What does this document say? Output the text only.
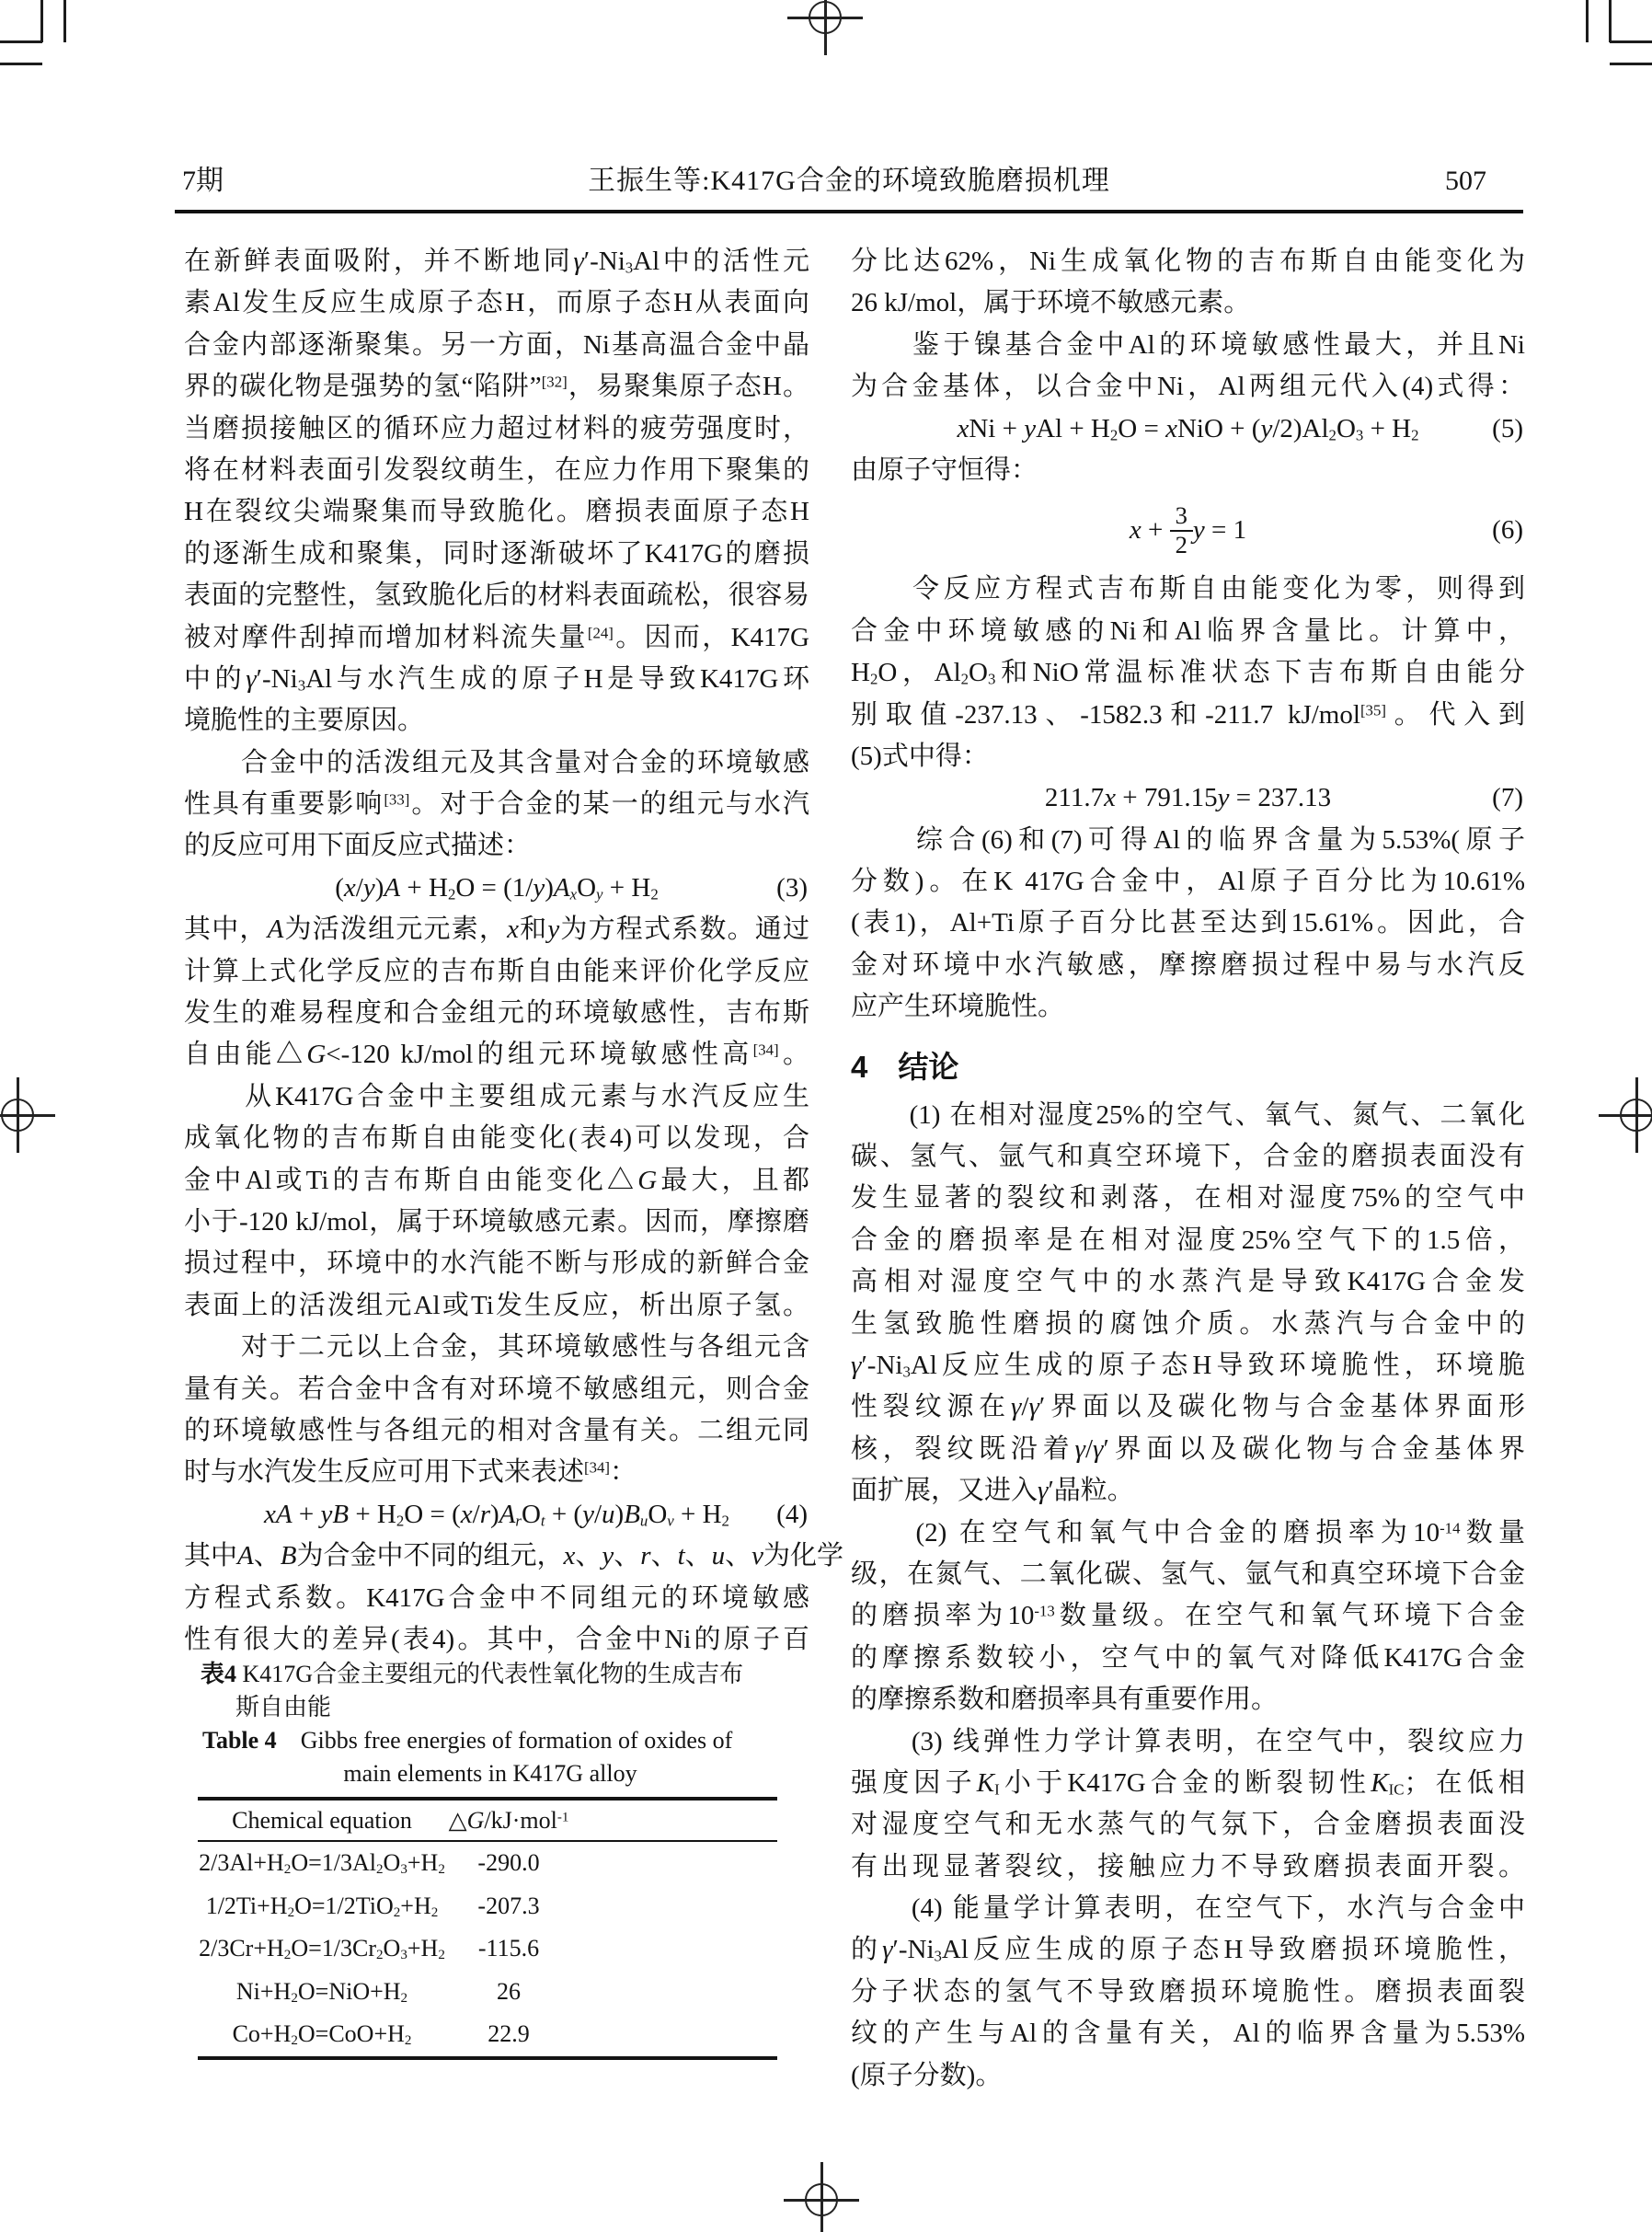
7期	王振生等:K417G合金的环境致脆磨损机理	507
在新鲜表面吸附，并不断地同$\gamma'-Ni_3Al$中的活性元
素Al发生反应生成原子态H，而原子态H从表面向
合金内部逐渐聚集。另一方面，Ni基高温合金中晶
界的碳化物是强势的氢“陷阱”[32]，易聚集原子态H。
当磨损接触区的循环应力超过材料的疲劳强度时，
将在材料表面引发裂纹萌生，在应力作用下聚集的
H在裂纹尖端聚集而导致脆化。磨损表面原子态H
的逐渐生成和聚集，同时逐渐破坏了K417G的磨损
表面的完整性，氢致脆化后的材料表面疏松，很容易
被对摩件刮掉而增加材料流失量[24]。因而，K417G
中的$\gamma'-Ni_3Al$与水汽生成的原子H是导致K417G环
境脆性的主要原因。
　　合金中的活泼组元及其含量对合金的环境敏感
性具有重要影响[33]。对于合金的某一的组元与水汽
的反应可用下面反应式描述：
$(x/y)A + H_2O = (1/y)A_xO_y + H_2$	(3)
其中，A为活泼组元元素，x和y为方程式系数。通过
计算上式化学反应的吉布斯自由能来评价化学反应
发生的难易程度和合金组元的环境敏感性，吉布斯
自由能△G<-120 kJ/mol的组元环境敏感性高[34]。
　　从K417G合金中主要组成元素与水汽反应生
成氧化物的吉布斯自由能变化(表4)可以发现，合
金中Al或Ti的吉布斯自由能变化△G最大，且都
小于-120 kJ/mol，属于环境敏感元素。因而，摩擦磨
损过程中，环境中的水汽能不断与形成的新鲜合金
表面上的活泼组元Al或Ti发生反应，析出原子氢。
　　对于二元以上合金，其环境敏感性与各组元含
量有关。若合金中含有对环境不敏感组元，则合金
的环境敏感性与各组元的相对含量有关。二组元同
时与水汽发生反应可用下式来表述[34]：
xA + yB + $H_2O = (x/r)A_rO_t + (y/u)B_uO_v + H_2$ (4)
其中A、B为合金中不同的组元，x、y、r、t、u、v为化学
方程式系数。K417G合金中不同组元的环境敏感
性有很大的差异(表4)。其中，合金中Ni的原子百
分比达62%，Ni生成氧化物的吉布斯自由能变化为
26 kJ/mol，属于环境不敏感元素。
　　鉴于镍基合金中Al的环境敏感性最大，并且Ni
为合金基体，以合金中Ni，Al两组元代入(4)式得：
xNi + yAl + $H_2O$ = xNiO + $(y/2)Al_2O_3 + H_2$	(5)
由原子守恒得：
$x + \frac{3}{2}$ y = 1	(6)
　　令反应方程式吉布斯自由能变化为零，则得到
合金中环境敏感的Ni和Al临界含量比。计算中，
$H_2O$，$Al_2O_3$和NiO常温标准状态下吉布斯自由能分
别取值-237.13、-1582.3和-211.7 kJ/mol[35]。代入到
(5)式中得：
211.7x + 791.15y = 237.13	(7)
　　综合(6)和(7)可得Al的临界含量为5.53%(原子
分数)。在K 417G合金中，Al原子百分比为10.61%
(表1)，Al+Ti原子百分比甚至达到15.61%。因此，合
金对环境中水汽敏感，摩擦磨损过程中易与水汽反
应产生环境脆性。
4　结论
　　(1) 在相对湿度25%的空气、氧气、氮气、二氧化
碳、氢气、氩气和真空环境下，合金的磨损表面没有
发生显著的裂纹和剥落，在相对湿度75%的空气中
合金的磨损率是在相对湿度25%空气下的1.5倍，
高相对湿度空气中的水蒸汽是导致K417G合金发
生氢致脆性磨损的腐蚀介质。水蒸汽与合金中的
$\gamma'-Ni_3Al$反应生成的原子态H导致环境脆性，环境脆
性裂纹源在γ/γ′界面以及碳化物与合金基体界面形
核，裂纹既沿着γ/γ′界面以及碳化物与合金基体界
面扩展，又进入γ′晶粒。
　　(2) 在空气和氧气中合金的磨损率为$10^{-14}$数量
级，在氮气、二氧化碳、氢气、氩气和真空环境下合金
的磨损率为$10^{-13}$数量级。在空气和氧气环境下合金
的摩擦系数较小，空气中的氧气对降低K417G合金
的摩擦系数和磨损率具有重要作用。
　　(3) 线弹性力学计算表明，在空气中，裂纹应力
强度因子$K_I$小于K417G合金的断裂韧性$K_{IC}$；在低相
对湿度空气和无水蒸气的气氛下，合金磨损表面没
有出现显著裂纹，接触应力不导致磨损表面开裂。
　　(4) 能量学计算表明，在空气下，水汽与合金中
的$\gamma'-Ni_3Al$反应生成的原子态H导致磨损环境脆性，
分子状态的氢气不导致磨损环境脆性。磨损表面裂
纹的产生与Al的含量有关，Al的临界含量为5.53%
(原子分数)。
表4  K417G合金主要组元的代表性氧化物的生成吉布
斯自由能
Table 4  Gibbs free energies of formation of oxides of
main elements in K417G alloy
Chemical equation	△G/kJ·mol$^{-1}$
$2/3Al+H_2O=1/3Al_2O_3+H_2$	-290.0
$1/2Ti+H_2O=1/2TiO_2+H_2$	-207.3
$2/3Cr+H_2O=1/3Cr_2O_3+H_2$	-115.6
$Ni+H_2O=NiO+H_2$	26
$Co+H_2O=CoO+H_2$	22.9
